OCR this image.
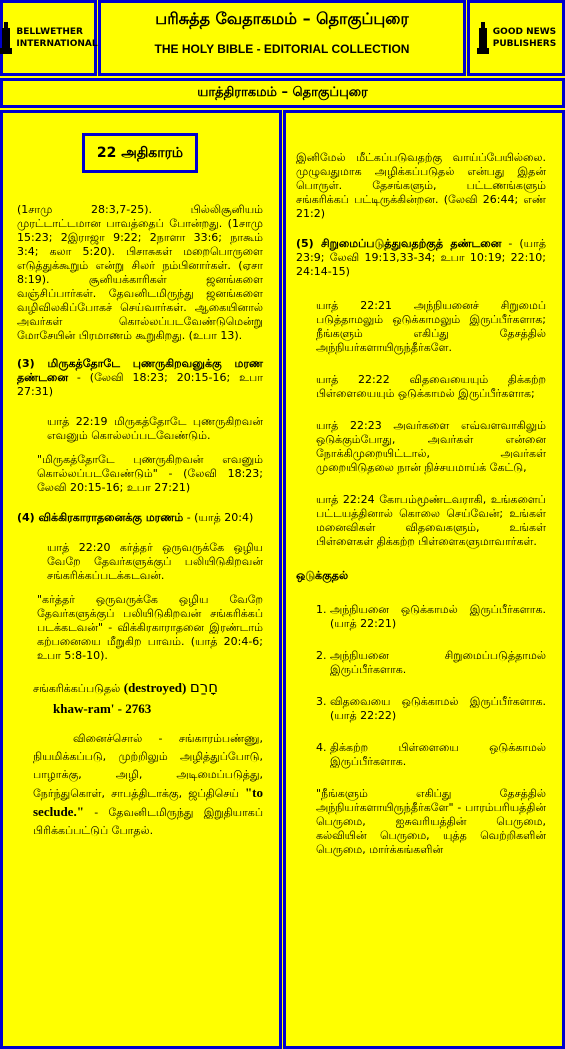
BELLWETHER
INTERNATIONAL
பரிசுத்த வேதாகமம் – தொகுப்புரை
THE HOLY BIBLE - EDITORIAL COLLECTION
GOOD NEWS
PUBLISHERS
யாத்திராகமம் – தொகுப்புரை
22 அதிகாரம்

(1சாமு 28:3,7-25). பில்லிசூனியம் முரட்டாட்டமான பாவத்தைப் போன்றது. (1சாமு 15:23; 2இராஜா 9:22; 2நாளா 33:6; நாகூம் 3:4; கலா 5:20). பிசாசுகள் மறைபொருளை எடுத்துக்கூறும் என்று சிலர் நம்பினார்கள். (ஏசா 8:19). சூனியக்காரிகள் ஜனங்களை வஞ்சிப்பார்கள். தேவனிடமிருந்து ஜனங்களை வழிவிலகிப்போகச் செய்வார்கள். ஆகையினால் அவர்கள் கொல்லப்படவேண்டுமென்று மோசேயின் பிரமாணம் கூறுகிறது. (உபா 13).

(3) மிருகத்தோடே புணருகிறவனுக்கு மரண தண்டனை - (லேவி 18:23; 20:15-16; உபா 27:31)

யாத் 22:19 மிருகத்தோடே புணருகிறவன் எவனும் கொல்லப்படவேண்டும்.

"மிருகத்தோடே புணருகிறவன் எவனும் கொல்லப்படவேண்டும்" - (லேவி 18:23; லேவி 20:15-16; உபா 27:21)

(4) விக்கிரகாராதனைக்கு மரணம் - (யாத் 20:4)

யாத் 22:20 கர்த்தர் ஒருவருக்கே ஒழிய வேறே தேவர்களுக்குப் பலியிடுகிறவன் சங்கரிக்கப்படக்கடவன்.

"கர்த்தர் ஒருவருக்கே ஒழிய வேறே தேவர்களுக்குப் பலியிடுகிறவன் சங்கரிக்கப் படக்கடவன்" - விக்கிரகாராதனை இரண்டாம் கற்பனையை மீறுகிற பாவம். (யாத் 20:4-6; உபா 5:8-10).

சங்கரிக்கப்படுதல் (destroyed) חָרַם
khaw-ram' - 2763

வினைச்சொல் - சங்காரம்பண்ணு, நியமிக்கப்படு, முற்றிலும் அழித்துப்போடு, பாழாக்கு, அழி, அடிமைப்படுத்து, நேர்ந்துகொள், சாபத்திடாக்கு, ஜப்திசெய் "to seclude." - தேவனிடமிருந்து இறுதியாகப் பிரிக்கப்பட்டுப் போதல்.

இனிமேல் மீட்கப்படுவதற்கு வாய்ப்பேயில்லை. முழுவதுமாக அழிக்கப்படுதல் என்பது இதன் பொருள். தேசங்களும், பட்டணங்களும் சங்கரிக்கப் பட்டிருக்கின்றன. (லேவி 26:44; எண் 21:2)

(5) சிறுமைப்படுத்துவதற்குத் தண்டனை - (யாத் 23:9; லேவி 19:13,33-34; உபா 10:19; 22:10; 24:14-15)

யாத் 22:21 அந்நியனைச் சிறுமைப் படுத்தாமலும் ஒடுக்காமலும் இருப்பீர்களாக; நீங்களும் எகிப்து தேசத்தில் அந்நியர்களாயிருந்தீர்களே.

யாத் 22:22 விதவையையும் திக்கற்ற பிள்ளையையும் ஒடுக்காமல் இருப்பீர்களாக;

யாத் 22:23 அவர்களை எவ்வளவாகிலும் ஒடுக்கும்போது, அவர்கள் என்னை நோக்கிமுறையிட்டால், அவர்கள் முறையிடுதலை நான் நிச்சயமாய்க் கேட்டு,

யாத் 22:24 கோபம்மூண்டவராகி, உங்களைப் பட்டயத்தினால் கொலை செய்வேன்; உங்கள் மனைவிகள் விதவைகளும், உங்கள் பிள்ளைகள் திக்கற்ற பிள்ளைகளுமாவார்கள்.

ஒடுக்குதல்

1. அந்நியனை ஒடுக்காமல் இருப்பீர்களாக. (யாத் 22:21)
2. அந்நியனை சிறுமைப்படுத்தாமல் இருப்பீர்களாக.
3. விதவையை ஒடுக்காமல் இருப்பீர்களாக. (யாத் 22:22)
4. திக்கற்ற பிள்ளையை ஒடுக்காமல் இருப்பீர்களாக.

"நீங்களும் எகிப்து தேசத்தில் அந்நியர்களாயிருந்தீர்களே" - பாரம்பரியத்தின் பெருமை, ஐசுவரியத்தின் பெருமை, கல்வியின் பெருமை, யுத்த வெற்றிகளின் பெருமை, மார்க்கங்களின்
